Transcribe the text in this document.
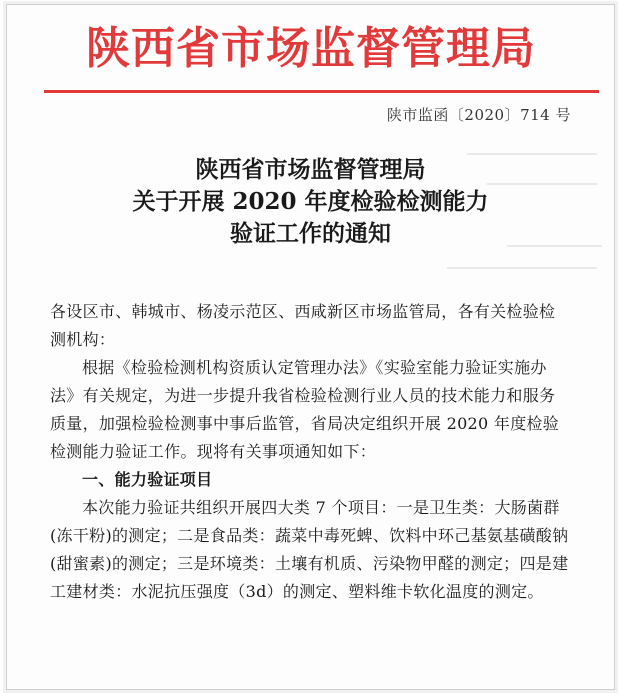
陕西省市场监督管理局
陕市监函〔2020〕714 号
陕西省市场监督管理局
关于开展 2020 年度检验检测能力
验证工作的通知

各设区市、韩城市、杨凌示范区、西咸新区市场监管局，各有关检验检测机构：

根据《检验检测机构资质认定管理办法》《实验室能力验证实施办法》有关规定，为进一步提升我省检验检测行业人员的技术能力和服务质量，加强检验检测事中事后监管，省局决定组织开展 2020 年度检验检测能力验证工作。现将有关事项通知如下：

一、能力验证项目

本次能力验证共组织开展四大类 7 个项目：一是卫生类：大肠菌群(冻干粉)的测定；二是食品类：蔬菜中毒死蜱、饮料中环己基氨基磺酸钠(甜蜜素)的测定；三是环境类：土壤有机质、污染物甲醛的测定；四是建工建材类：水泥抗压强度（3d）的测定、塑料维卡软化温度的测定。
